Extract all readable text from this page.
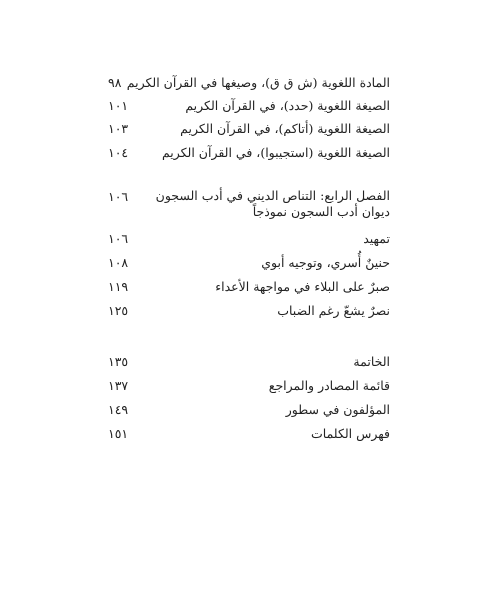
المادة اللغوية (ش ق ق)، وصيغها في القرآن الكريم
٩٨
الصيغة اللغوية (حدد)، في القرآن الكريم
١٠١
الصيغة اللغوية (أتاكم)، في القرآن الكريم
١٠٣
الصيغة اللغوية (استجيبوا)، في القرآن الكريم
١٠٤
الفصل الرابع: التناص الديني في أدب السجون ديوان أدب السجون نموذجاً
١٠٦
تمهيد
١٠٦
حنينٌ أُسري، وتوجيه أبوي
١٠٨
صبرٌ على البلاء في مواجهة الأعداء
١١٩
نصرٌ يشعّ رغم الضباب
١٢٥
الخاتمة
١٣٥
قائمة المصادر والمراجع
١٣٧
المؤلفون في سطور
١٤٩
فهرس الكلمات
١٥١
